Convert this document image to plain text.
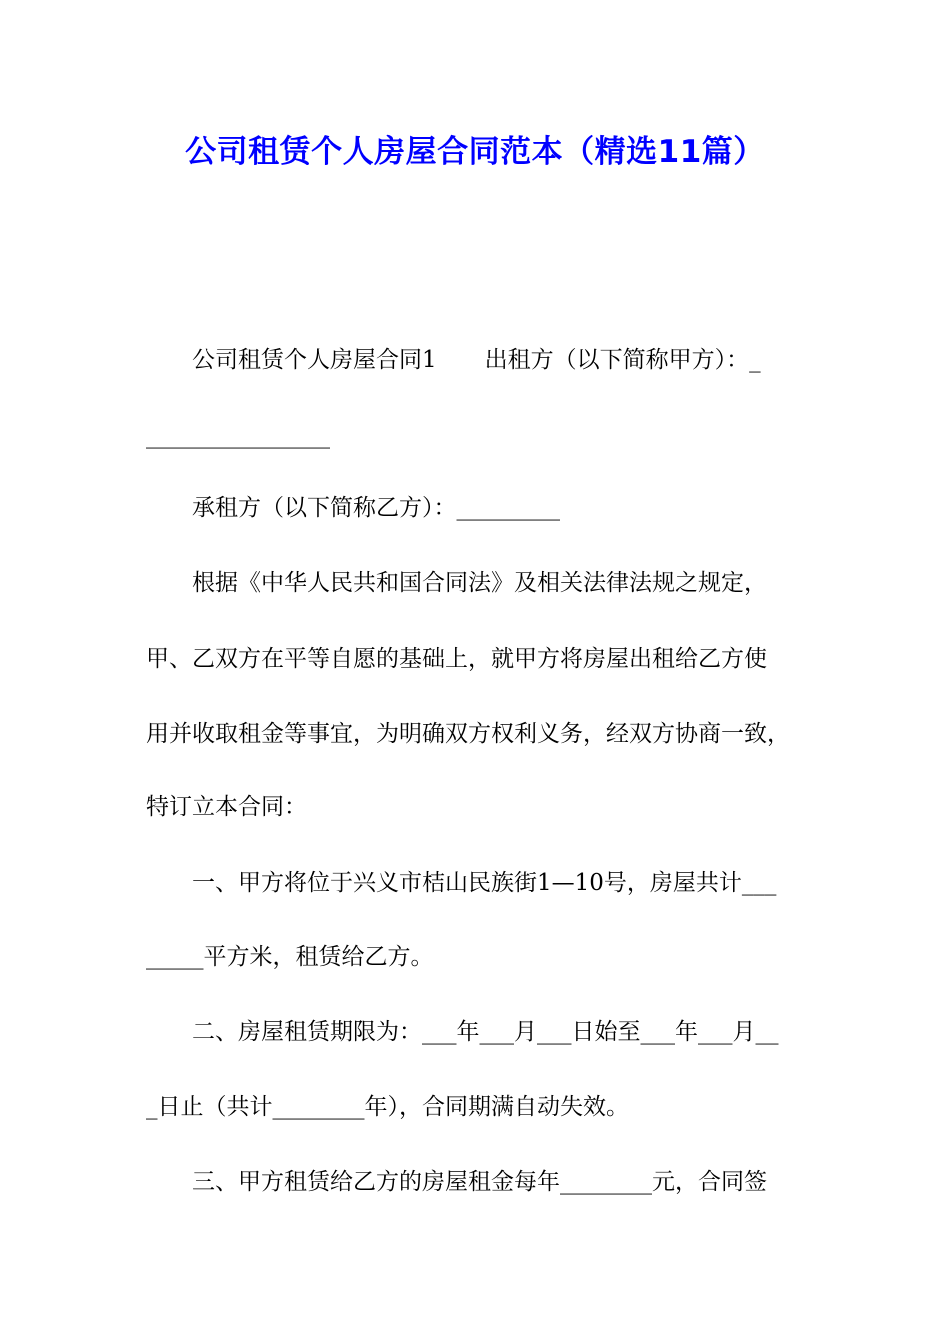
公司租赁个人房屋合同范本（精选11篇）
公司租赁个人房屋合同1 出租方（以下简称甲方）：_
________________
承租方（以下简称乙方）：_________
根据《中华人民共和国合同法》及相关法律法规之规定，
甲、乙双方在平等自愿的基础上，就甲方将房屋出租给乙方使
用并收取租金等事宜，为明确双方权利义务，经双方协商一致，
特订立本合同：
一、甲方将位于兴义市桔山民族街1—10号，房屋共计___
_____平方米，租赁给乙方。
二、房屋租赁期限为：___年___月___日始至___年___月__
_日止（共计________年），合同期满自动失效。
三、甲方租赁给乙方的房屋租金每年________元，合同签
